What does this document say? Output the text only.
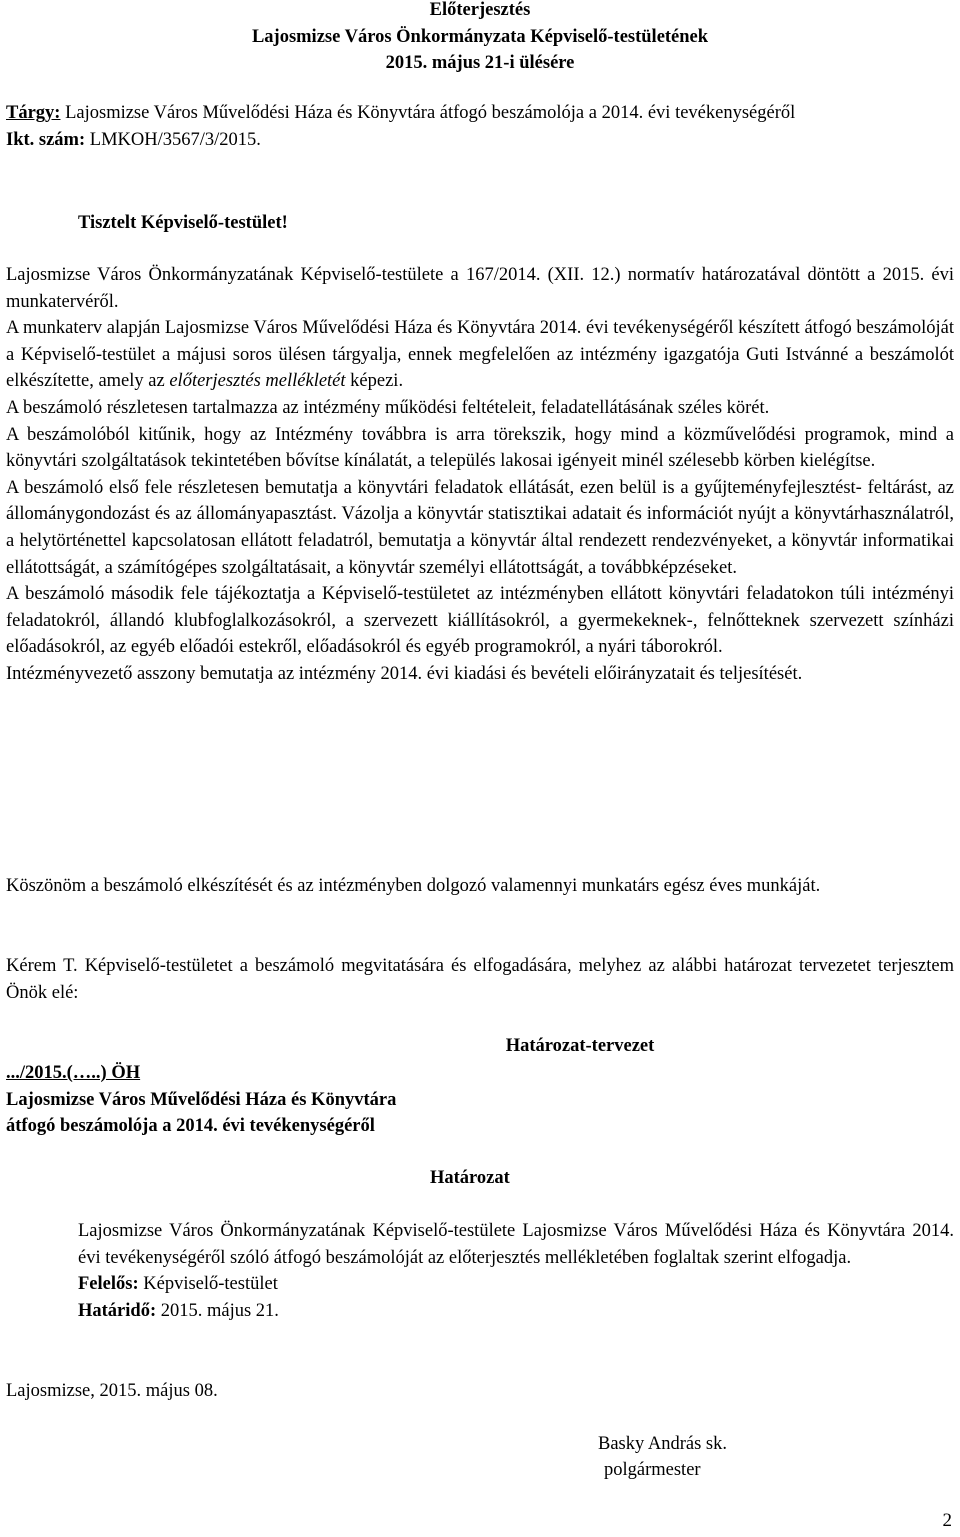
Előterjesztés
Lajosmizse Város Önkormányzata Képviselő-testületének
2015. május 21-i ülésére

Tárgy: Lajosmizse Város Művelődési Háza és Könyvtára átfogó beszámolója a 2014. évi tevékenységéről

Ikt. szám: LMKOH/3567/3/2015.

Tisztelt Képviselő-testület!

Lajosmizse Város Önkormányzatának Képviselő-testülete a 167/2014. (XII. 12.) normatív határozatával döntött a 2015. évi munkatervéről.

A munkaterv alapján Lajosmizse Város Művelődési Háza és Könyvtára 2014. évi tevékenységéről készített átfogó beszámolóját a Képviselő-testület a májusi soros ülésen tárgyalja, ennek megfelelően az intézmény igazgatója Guti Istvánné a beszámolót elkészítette, amely az előterjesztés mellékletét képezi.

A beszámoló részletesen tartalmazza az intézmény működési feltételeit, feladatellátásának széles körét.

A beszámolóból kitűnik, hogy az Intézmény továbbra is arra törekszik, hogy mind a közművelődési programok, mind a könyvtári szolgáltatások tekintetében bővítse kínálatát, a település lakosai igényeit minél szélesebb körben kielégítse.

A beszámoló első fele részletesen bemutatja a könyvtári feladatok ellátását, ezen belül is a gyűjteményfejlesztést- feltárást, az állománygondozást és az állományapasztást. Vázolja a könyvtár statisztikai adatait és információt nyújt a könyvtárhasználatról, a helytörténettel kapcsolatosan ellátott feladatról, bemutatja a könyvtár által rendezett rendezvényeket, a könyvtár informatikai ellátottságát, a számítógépes szolgáltatásait, a könyvtár személyi ellátottságát, a továbbképzéseket.

A beszámoló második fele tájékoztatja a Képviselő-testületet az intézményben ellátott könyvtári feladatokon túli intézményi feladatokról, állandó klubfoglalkozásokról, a szervezett kiállításokról, a gyermekeknek-, felnőtteknek szervezett színházi előadásokról, az egyéb előadói estekről, előadásokról és egyéb programokról, a nyári táborokról.

Intézményvezető asszony bemutatja az intézmény 2014. évi kiadási és bevételi előirányzatait és teljesítését.

Köszönöm a beszámoló elkészítését és az intézményben dolgozó valamennyi munkatárs egész éves munkáját.
Kérem T. Képviselő-testületet a beszámoló megvitatására és elfogadására, melyhez az alábbi határozat tervezetet terjesztem Önök elé:
Határozat-tervezet

.../2015.(…..) ÖH

Lajosmizse Város Művelődési Háza és Könyvtára

átfogó beszámolója a 2014. évi tevékenységéről

Határozat

Lajosmizse Város Önkormányzatának Képviselő-testülete Lajosmizse Város Művelődési Háza és Könyvtára 2014. évi tevékenységéről szóló átfogó beszámolóját az előterjesztés mellékletében foglaltak szerint elfogadja.

Felelős: Képviselő-testület

Határidő: 2015. május 21.

Lajosmizse, 2015. május 08.
Basky András sk.
polgármester
2
